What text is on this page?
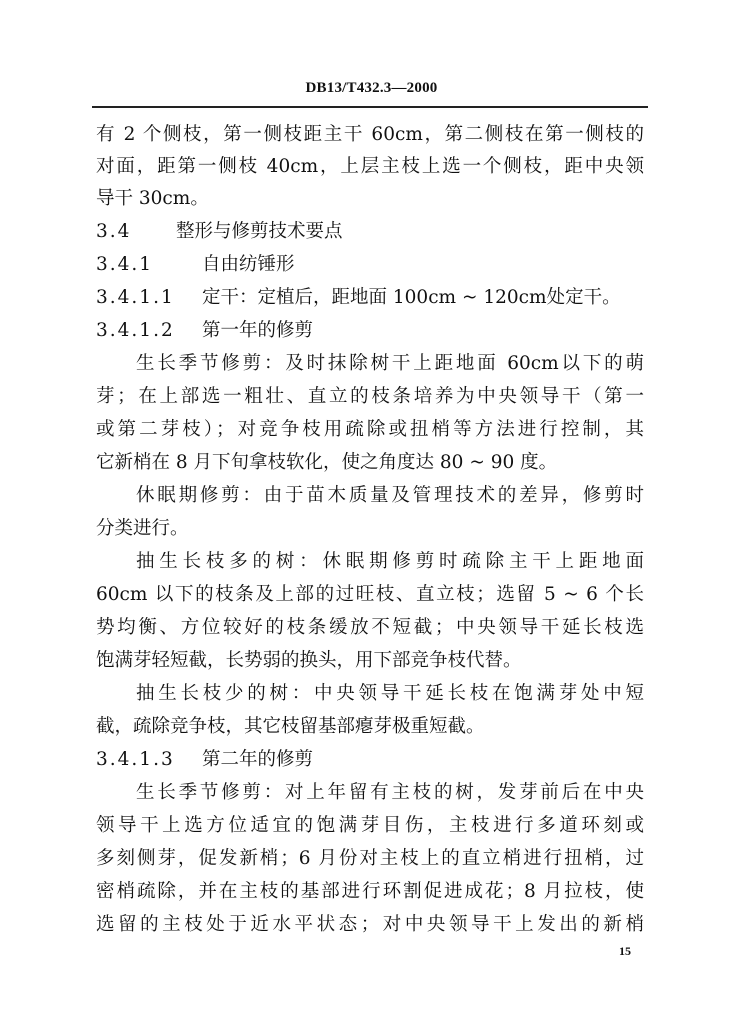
DB13/T432.3—2000
有 2 个侧枝，第一侧枝距主干 60cm，第二侧枝在第一侧枝的
对面，距第一侧枝 40cm，上层主枝上选一个侧枝，距中央领
导干 30cm。
3.4 整形与修剪技术要点
3.4.1	自由纺锤形
3.4.1.1 定干：定植后，距地面 100cm ~ 120cm处定干。
3.4.1.2 第一年的修剪
生长季节修剪：及时抹除树干上距地面 60cm以下的萌
芽；在上部选一粗壮、直立的枝条培养为中央领导干（第一
或第二芽枝）；对竞争枝用疏除或扭梢等方法进行控制，其
它新梢在 8 月下旬拿枝软化，使之角度达 80 ~ 90 度。
休眠期修剪：由于苗木质量及管理技术的差异，修剪时
分类进行。
抽生长枝多的树：休眠期修剪时疏除主干上距地面
60cm 以下的枝条及上部的过旺枝、直立枝；选留 5 ~ 6 个长
势均衡、方位较好的枝条缓放不短截；中央领导干延长枝选
饱满芽轻短截，长势弱的换头，用下部竞争枝代替。
抽生长枝少的树：中央领导干延长枝在饱满芽处中短
截，疏除竞争枝，其它枝留基部瘪芽极重短截。
3.4.1.3 第二年的修剪
生长季节修剪：对上年留有主枝的树，发芽前后在中央
领导干上选方位适宜的饱满芽目伤，主枝进行多道环刻或
多刻侧芽，促发新梢；6 月份对主枝上的直立梢进行扭梢，过
密梢疏除，并在主枝的基部进行环割促进成花；8 月拉枝，使
选留的主枝处于近水平状态；对中央领导干上发出的新梢
15
